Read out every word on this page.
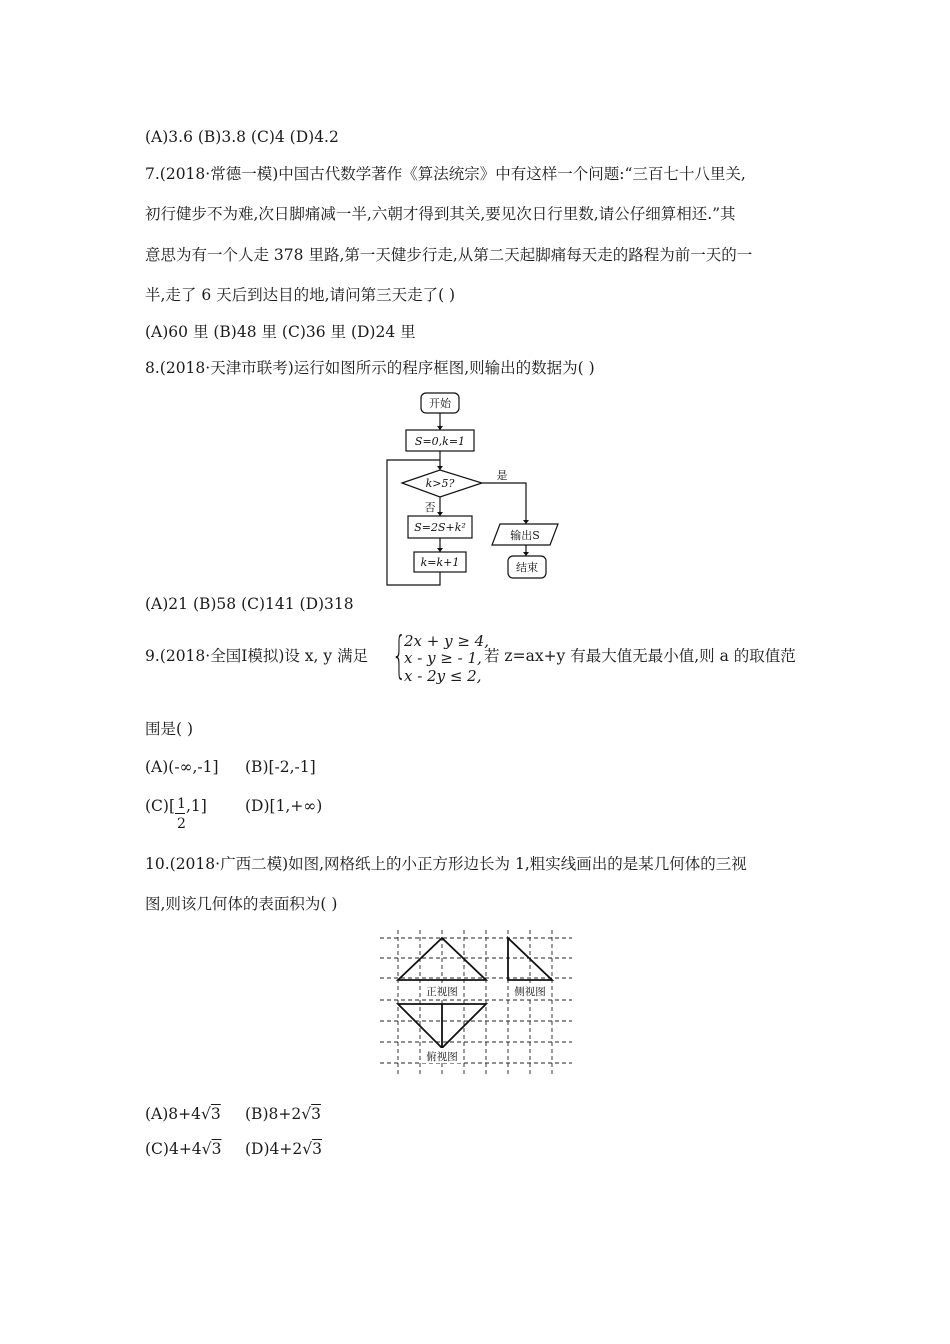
(A)3.6 (B)3.8 (C)4 (D)4.2
7.(2018·常德一模)中国古代数学著作《算法统宗》中有这样一个问题:“三百七十八里关,
初行健步不为难,次日脚痛减一半,六朝才得到其关,要见次日行里数,请公仔细算相还.”其
意思为有一个人走 378 里路,第一天健步行走,从第二天起脚痛每天走的路程为前一天的一
半,走了 6 天后到达目的地,请问第三天走了( )
(A)60 里 (B)48 里 (C)36 里 (D)24 里
8.(2018·天津市联考)运行如图所示的程序框图,则输出的数据为( )
开始
S=0,k=1
k>5?
S=2S+k²
k=k+1
输出S
结束
是
否
(A)21 (B)58 (C)141 (D)318
9.(2018·全国Ⅰ模拟)设 x, y 满足 {
2x + y ≥ 4,
x - y ≥ - 1,
x - 2y ≤ 2,
若 z=ax+y 有最大值无最小值,则 a 的取值范
围是( )
(A)(-∞,-1] (B)[-2,-1]
(C)[ 1
2
,1] (D)[1,+∞)
10.(2018·广西二模)如图,网格纸上的小正方形边长为 1,粗实线画出的是某几何体的三视
图,则该几何体的表面积为( )
正视图	侧视图
俯视图
(A)8+4√3 (B)8+2√3
(C)4+4√3 (D)4+2√3
